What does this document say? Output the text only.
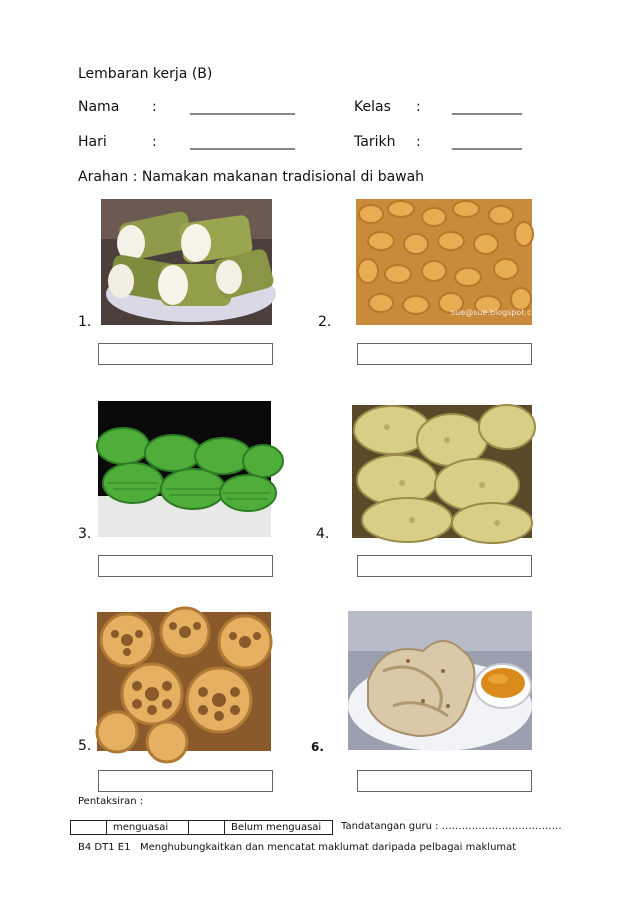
Lembaran kerja (B)
Nama : _______________	Kelas : __________
Hari	: _______________	Tarikh : __________
Arahan : Namakan makanan tradisional di bawah
sue@sue.blogspot.com
1.	2.
3.	4.
5.	6.
Pentaksiran :
menguasai	Belum menguasai	Tandatangan guru : ………………………………
B4 DT1 E1 Menghubungkaitkan dan mencatat maklumat daripada pelbagai maklumat
